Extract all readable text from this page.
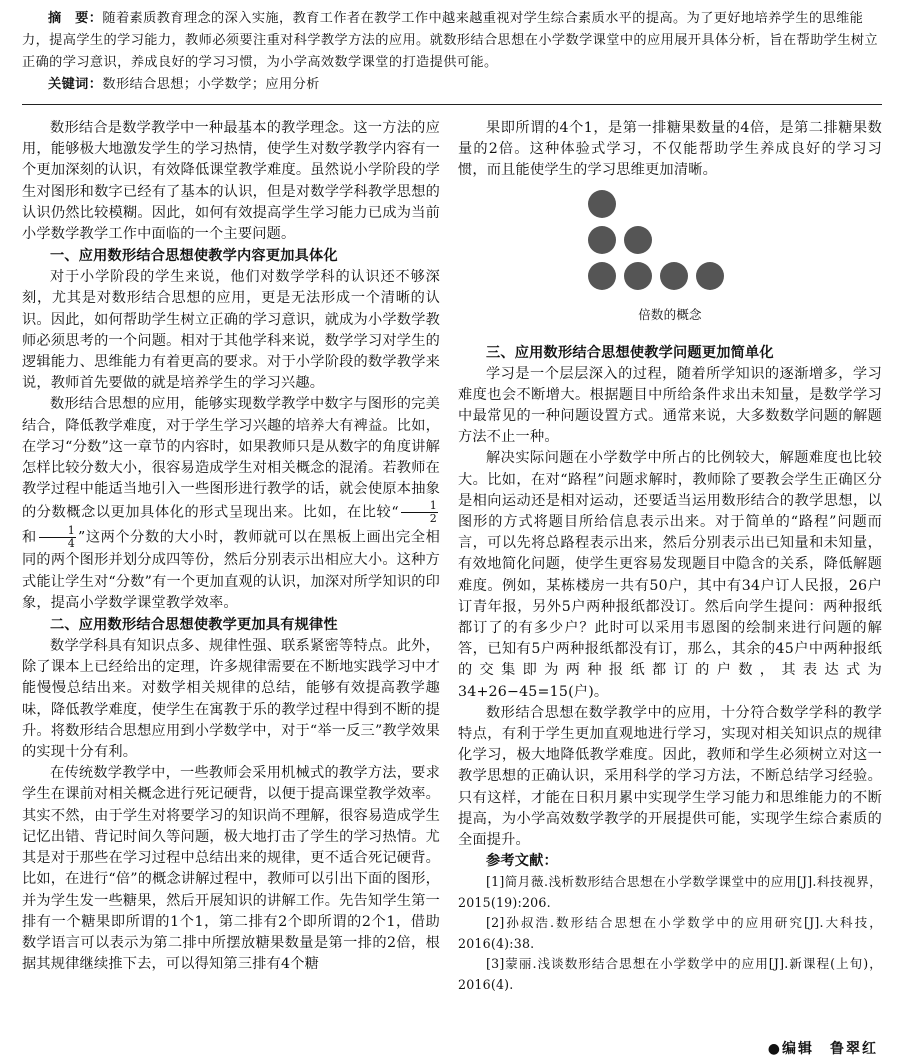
摘　要：随着素质教育理念的深入实施，教育工作者在教学工作中越来越重视对学生综合素质水平的提高。为了更好地培养学生的思维能力，提高学生的学习能力，教师必须要注重对科学教学方法的应用。就数形结合思想在小学数学课堂中的应用展开具体分析，旨在帮助学生树立正确的学习意识，养成良好的学习习惯，为小学高效数学课堂的打造提供可能。

关键词：数形结合思想；小学数学；应用分析

数形结合是数学教学中一种最基本的教学理念。这一方法的应用，能够极大地激发学生的学习热情，使学生对数学教学内容有一个更加深刻的认识，有效降低课堂教学难度。虽然说小学阶段的学生对图形和数字已经有了基本的认识，但是对数学学科教学思想的认识仍然比较模糊。因此，如何有效提高学生学习能力已成为当前小学数学教学工作中面临的一个主要问题。

一、应用数形结合思想使教学内容更加具体化

对于小学阶段的学生来说，他们对数学学科的认识还不够深刻，尤其是对数形结合思想的应用，更是无法形成一个清晰的认识。因此，如何帮助学生树立正确的学习意识，就成为小学数学教师必须思考的一个问题。相对于其他学科来说，数学学习对学生的逻辑能力、思维能力有着更高的要求。对于小学阶段的数学教学来说，教师首先要做的就是培养学生的学习兴趣。

数形结合思想的应用，能够实现数学教学中数字与图形的完美结合，降低教学难度，对于学生学习兴趣的培养大有裨益。比如，在学习“分数”这一章节的内容时，如果教师只是从数字的角度讲解怎样比较分数大小，很容易造成学生对相关概念的混淆。若教师在教学过程中能适当地引入一些图形进行教学的话，就会使原本抽象的分数概念以更加具体化的形式呈现出来。比如，在比较“ $\frac{1}{2}$
和 $\frac{1}{4}$ ”这两个分数的大小时，教师就可以在黑板上画出完全相同的两个图形并划分成四等份，然后分别表示出相应大小。这种方式能让学生对“分数”有一个更加直观的认识，加深对所学知识的印象，提高小学数学课堂教学效率。

二、应用数形结合思想使教学更加具有规律性

数学学科具有知识点多、规律性强、联系紧密等特点。此外，除了课本上已经给出的定理，许多规律需要在不断地实践学习中才能慢慢总结出来。对数学相关规律的总结，能够有效提高教学趣味，降低教学难度，使学生在寓教于乐的教学过程中得到不断的提升。将数形结合思想应用到小学数学中，对于“举一反三”教学效果的实现十分有利。

在传统数学教学中，一些教师会采用机械式的教学方法，要求学生在课前对相关概念进行死记硬背，以便于提高课堂教学效率。其实不然，由于学生对将要学习的知识尚不理解，很容易造成学生记忆出错、背记时间久等问题，极大地打击了学生的学习热情。尤其是对于那些在学习过程中总结出来的规律，更不适合死记硬背。比如，在进行“倍”的概念讲解过程中，教师可以引出下面的图形，并为学生发一些糖果，然后开展知识的讲解工作。先告知学生第一排有一个糖果即所谓的1个1，第二排有2个即所谓的2个1，借助数学语言可以表示为第二排中所摆放糖果数量是第一排的2倍，根据其规律继续推下去，可以得知第三排有4个糖

果即所谓的4个1，是第一排糖果数量的4倍，是第二排糖果数量的2倍。这种体验式学习，不仅能帮助学生养成良好的学习习惯，而且能使学生的学习思维更加清晰。

倍数的概念
三、应用数形结合思想使教学问题更加简单化

学习是一个层层深入的过程，随着所学知识的逐渐增多，学习难度也会不断增大。根据题目中所给条件求出未知量，是数学学习中最常见的一种问题设置方式。通常来说，大多数数学问题的解题方法不止一种。

解决实际问题在小学数学中所占的比例较大，解题难度也比较大。比如，在对“路程”问题求解时，教师除了要教会学生正确区分是相向运动还是相对运动，还要适当运用数形结合的教学思想，以图形的方式将题目所给信息表示出来。对于简单的“路程”问题而言，可以先将总路程表示出来，然后分别表示出已知量和未知量，有效地简化问题，使学生更容易发现题目中隐含的关系，降低解题难度。例如，某栋楼房一共有50户，其中有34户订人民报，26户订青年报，另外5户两种报纸都没订。然后向学生提问：两种报纸都订了的有多少户？此时可以采用韦恩图的绘制来进行问题的解答，已知有5户两种报纸都没有订，那么，其余的45户中两种报纸的交集即为两种报纸都订的户数，其表达式为34+26−45=15(户)。

数形结合思想在数学教学中的应用，十分符合数学学科的教学特点，有利于学生更加直观地进行学习，实现对相关知识点的规律化学习，极大地降低教学难度。因此，教师和学生必须树立对这一教学思想的正确认识，采用科学的学习方法，不断总结学习经验。只有这样，才能在日积月累中实现学生学习能力和思维能力的不断提高，为小学高效数学教学的开展提供可能，实现学生综合素质的全面提升。

参考文献：

[1]简月薇.浅析数形结合思想在小学数学课堂中的应用[J].科技视界，2015(19):206.

[2]孙叔浩.数形结合思想在小学数学中的应用研究[J].大科技，2016(4):38.

[3]蒙丽.浅谈数形结合思想在小学数学中的应用[J].新课程(上旬)，2016(4).

●编辑　鲁翠红
